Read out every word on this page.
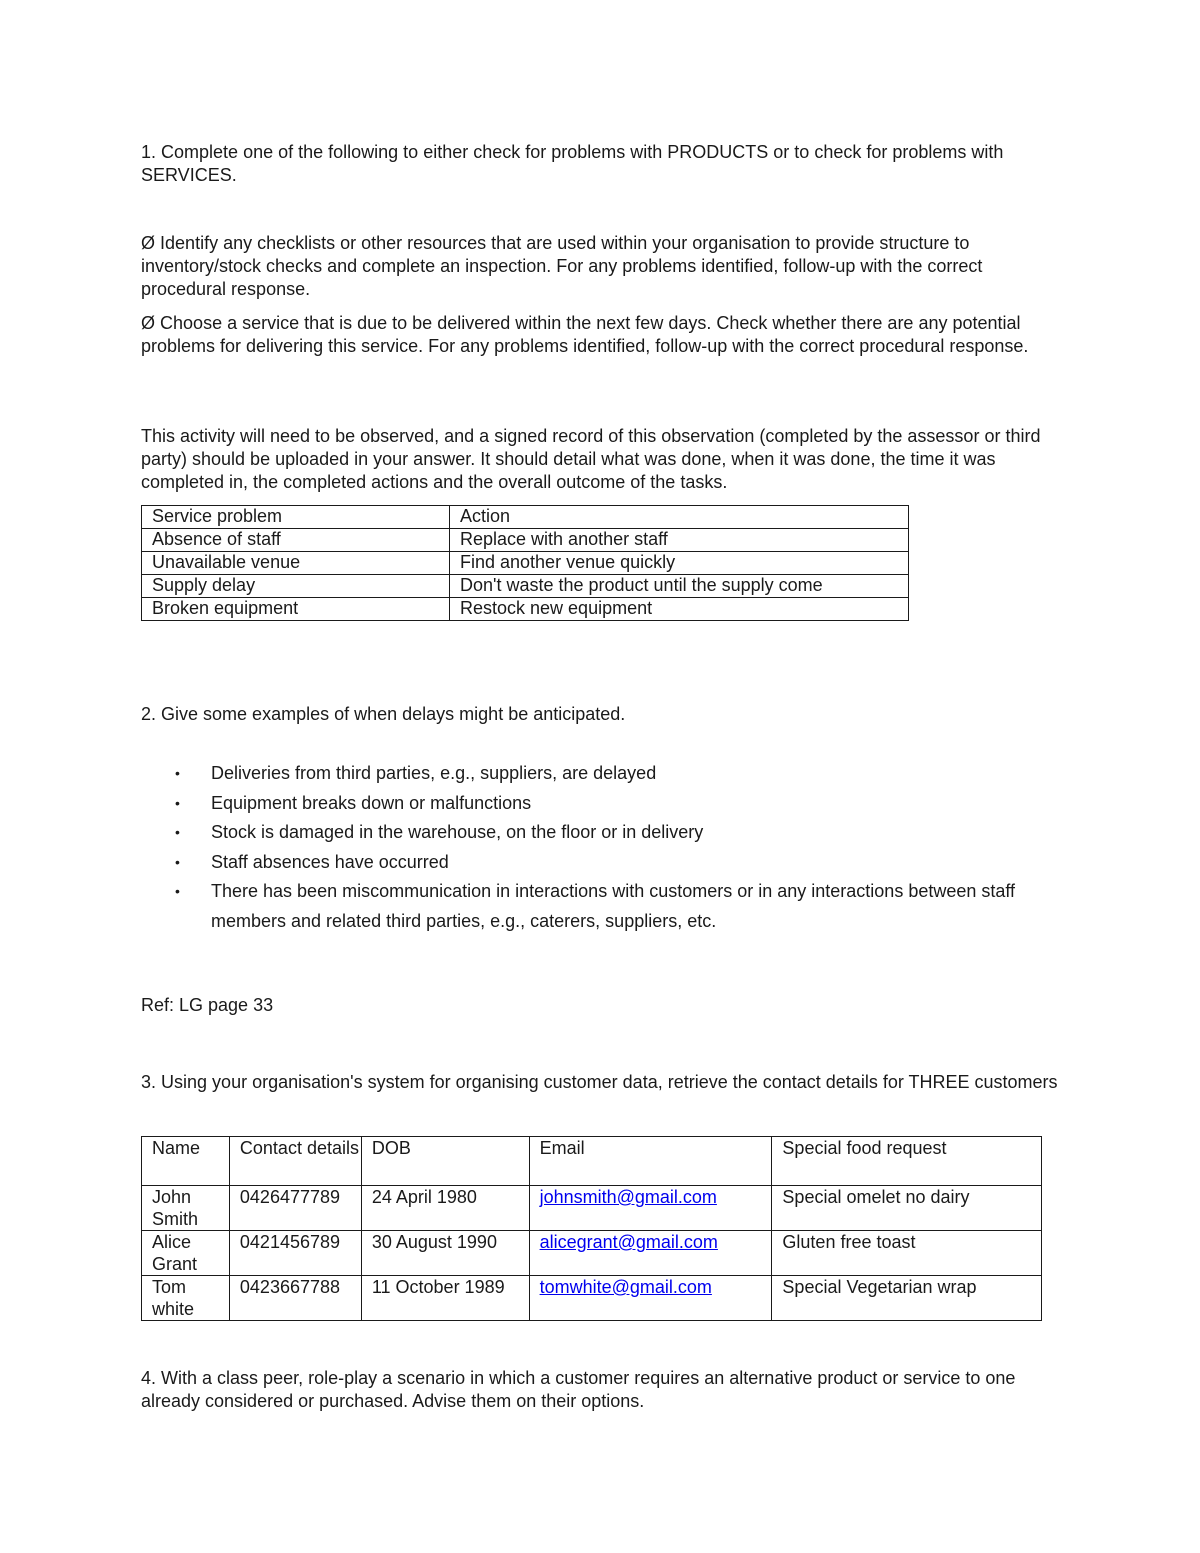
1. Complete one of the following to either check for problems with PRODUCTS or to check for problems with SERVICES.

Ø Identify any checklists or other resources that are used within your organisation to provide structure to inventory/stock checks and complete an inspection. For any problems identified, follow-up with the correct procedural response.

Ø Choose a service that is due to be delivered within the next few days. Check whether there are any potential problems for delivering this service. For any problems identified, follow-up with the correct procedural response.

This activity will need to be observed, and a signed record of this observation (completed by the assessor or third party) should be uploaded in your answer. It should detail what was done, when it was done, the time it was completed in, the completed actions and the overall outcome of the tasks.

Service problem	Action
Absence of staff	Replace with another staff
Unavailable venue	Find another venue quickly
Supply delay	Don't waste the product until the supply come
Broken equipment	Restock new equipment

2. Give some examples of when delays might be anticipated.

• Deliveries from third parties, e.g., suppliers, are delayed
• Equipment breaks down or malfunctions
• Stock is damaged in the warehouse, on the floor or in delivery
• Staff absences have occurred
• There has been miscommunication in interactions with customers or in any interactions between staff members and related third parties, e.g., caterers, suppliers, etc.

Ref: LG page 33

3. Using your organisation's system for organising customer data, retrieve the contact details for THREE customers

Name	Contact details	DOB	Email	Special food request
John Smith	0426477789	24 April 1980	johnsmith@gmail.com	Special omelet no dairy
Alice Grant	0421456789	30 August 1990	alicegrant@gmail.com	Gluten free toast
Tom white	0423667788	11 October 1989	tomwhite@gmail.com	Special Vegetarian wrap

4. With a class peer, role-play a scenario in which a customer requires an alternative product or service to one already considered or purchased. Advise them on their options.
